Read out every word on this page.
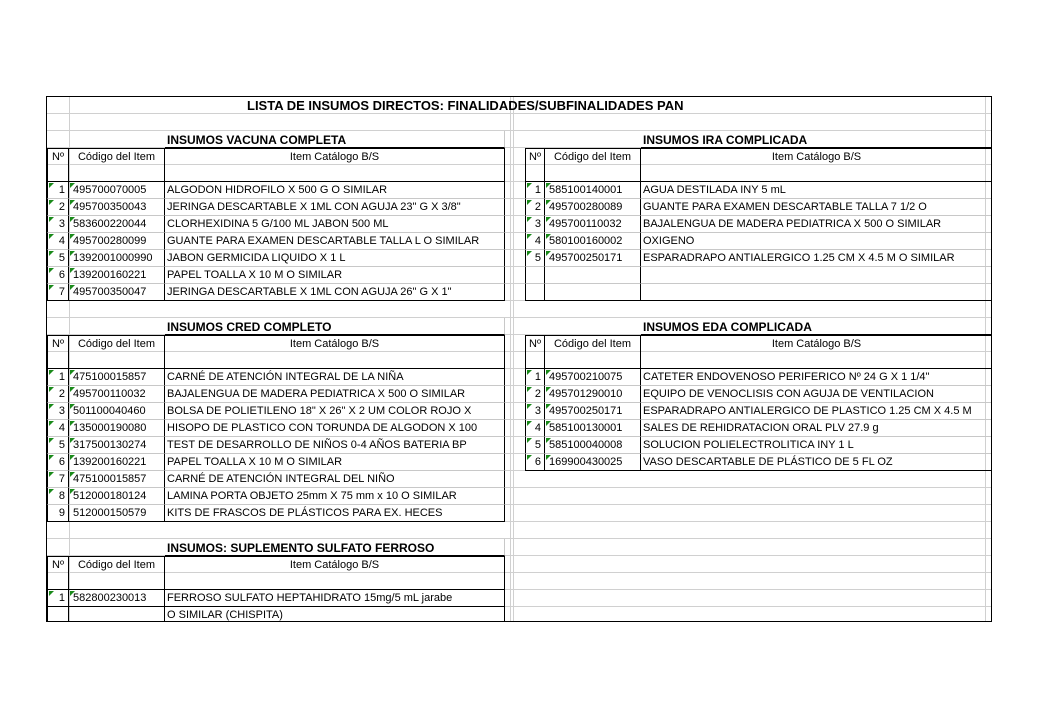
LISTA DE INSUMOS DIRECTOS: FINALIDADES/SUBFINALIDADES PAN
INSUMOS VACUNA COMPLETA
Nº	Código del Item	Item Catálogo B/S
1 495700070005	ALGODON HIDROFILO X 500 G O SIMILAR
2 495700350043	JERINGA DESCARTABLE X 1ML CON AGUJA 23" G X 3/8"
3 583600220044	CLORHEXIDINA 5 G/100 ML JABON 500 ML
4 495700280099	GUANTE PARA EXAMEN DESCARTABLE TALLA L O SIMILAR
5 1392001000990	JABON GERMICIDA LIQUIDO X 1 L
6 139200160221	PAPEL TOALLA X 10 M O SIMILAR
7 495700350047	JERINGA DESCARTABLE X 1ML CON AGUJA 26" G X 1"
INSUMOS CRED COMPLETO
Nº	Código del Item	Item Catálogo B/S
1 475100015857	CARNÉ DE ATENCIÓN INTEGRAL DE LA NIÑA
2 495700110032	BAJALENGUA DE MADERA PEDIATRICA X 500 O SIMILAR
3 501100040460	BOLSA DE POLIETILENO 18" X 26" X 2 UM COLOR ROJO X
4 135000190080	HISOPO DE PLASTICO CON TORUNDA DE ALGODON X 100
5 317500130274	TEST DE DESARROLLO DE NIÑOS 0-4 AÑOS BATERIA BP
6 139200160221	PAPEL TOALLA X 10 M O SIMILAR
7 475100015857	CARNÉ DE ATENCIÓN INTEGRAL DEL NIÑO
8 512000180124	LAMINA PORTA OBJETO 25mm X 75 mm x 10 O SIMILAR
9 512000150579	KITS DE FRASCOS DE PLÁSTICOS PARA EX. HECES
INSUMOS: SUPLEMENTO SULFATO FERROSO
Nº	Código del Item	Item Catálogo B/S
1 582800230013	FERROSO SULFATO HEPTAHIDRATO 15mg/5 mL jarabe
O SIMILAR (CHISPITA)
INSUMOS IRA COMPLICADA
Nº	Código del Item	Item Catálogo B/S
1 585100140001	AGUA DESTILADA INY 5 mL
2 495700280089	GUANTE PARA EXAMEN DESCARTABLE TALLA 7 1/2 O
3 495700110032	BAJALENGUA DE MADERA PEDIATRICA X 500 O SIMILAR
4 580100160002	OXIGENO
5 495700250171	ESPARADRAPO ANTIALERGICO 1.25 CM X 4.5 M O SIMILAR
INSUMOS EDA COMPLICADA
Nº	Código del Item	Item Catálogo B/S
1 495700210075	CATETER ENDOVENOSO PERIFERICO Nº 24 G X 1 1/4"
2 495701290010	EQUIPO DE VENOCLISIS CON AGUJA DE VENTILACION
3 495700250171	ESPARADRAPO ANTIALERGICO DE PLASTICO 1.25 CM X 4.5 M
4 585100130001	SALES DE REHIDRATACION ORAL PLV 27.9 g
5 585100040008	SOLUCION POLIELECTROLITICA INY 1 L
6 169900430025	VASO DESCARTABLE DE PLÁSTICO DE 5 FL OZ
